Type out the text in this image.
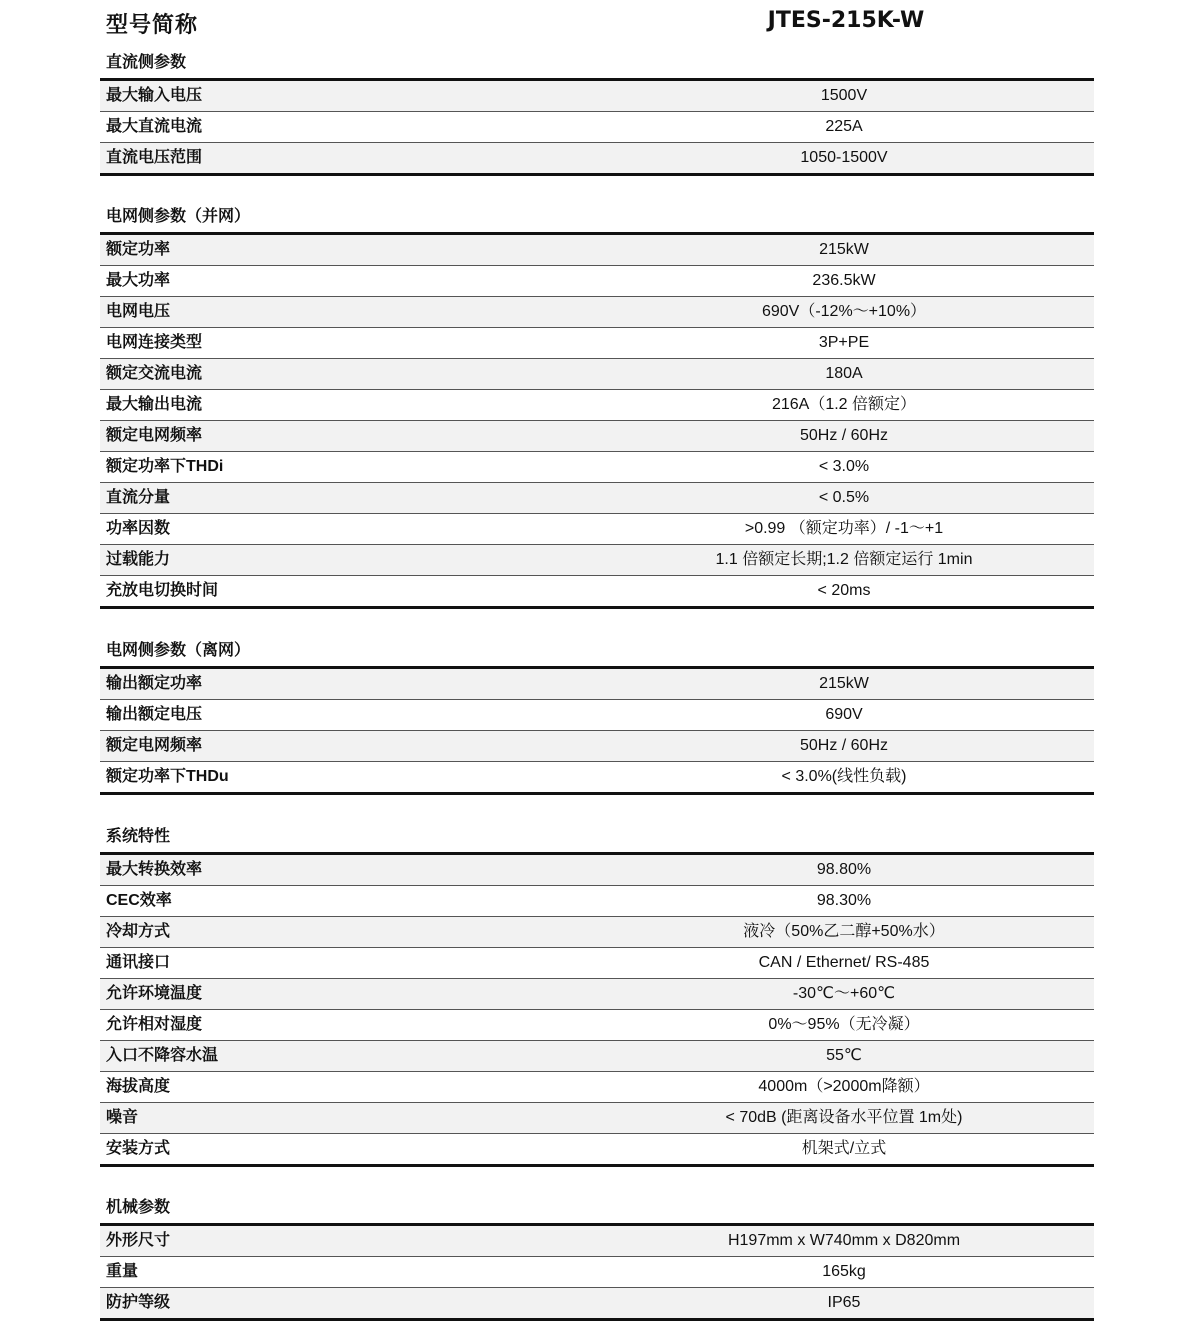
型号简称	JTES-215K-W
直流侧参数
最大输入电压	1500V
最大直流电流	225A
直流电压范围	1050-1500V
电网侧参数（并网）
额定功率	215kW
最大功率	236.5kW
电网电压	690V（-12%～+10%）
电网连接类型	3P+PE
额定交流电流	180A
最大输出电流	216A（1.2 倍额定）
额定电网频率	50Hz / 60Hz
额定功率下THDi	< 3.0%
直流分量	< 0.5%
功率因数	>0.99 （额定功率）/ -1～+1
过载能力	1.1 倍额定长期;1.2 倍额定运行 1min
充放电切换时间	< 20ms
电网侧参数（离网）
输出额定功率	215kW
输出额定电压	690V
额定电网频率	50Hz / 60Hz
额定功率下THDu	< 3.0%(线性负载)
系统特性
最大转换效率	98.80%
CEC效率	98.30%
冷却方式	液冷（50%乙二醇+50%水）
通讯接口	CAN / Ethernet/ RS-485
允许环境温度	-30℃～+60℃
允许相对湿度	0%～95%（无冷凝）
入口不降容水温	55℃
海拔高度	4000m（>2000m降额）
噪音	< 70dB (距离设备水平位置 1m处)
安装方式	机架式/立式
机械参数
外形尺寸	H197mm x W740mm x D820mm
重量	165kg
防护等级	IP65
